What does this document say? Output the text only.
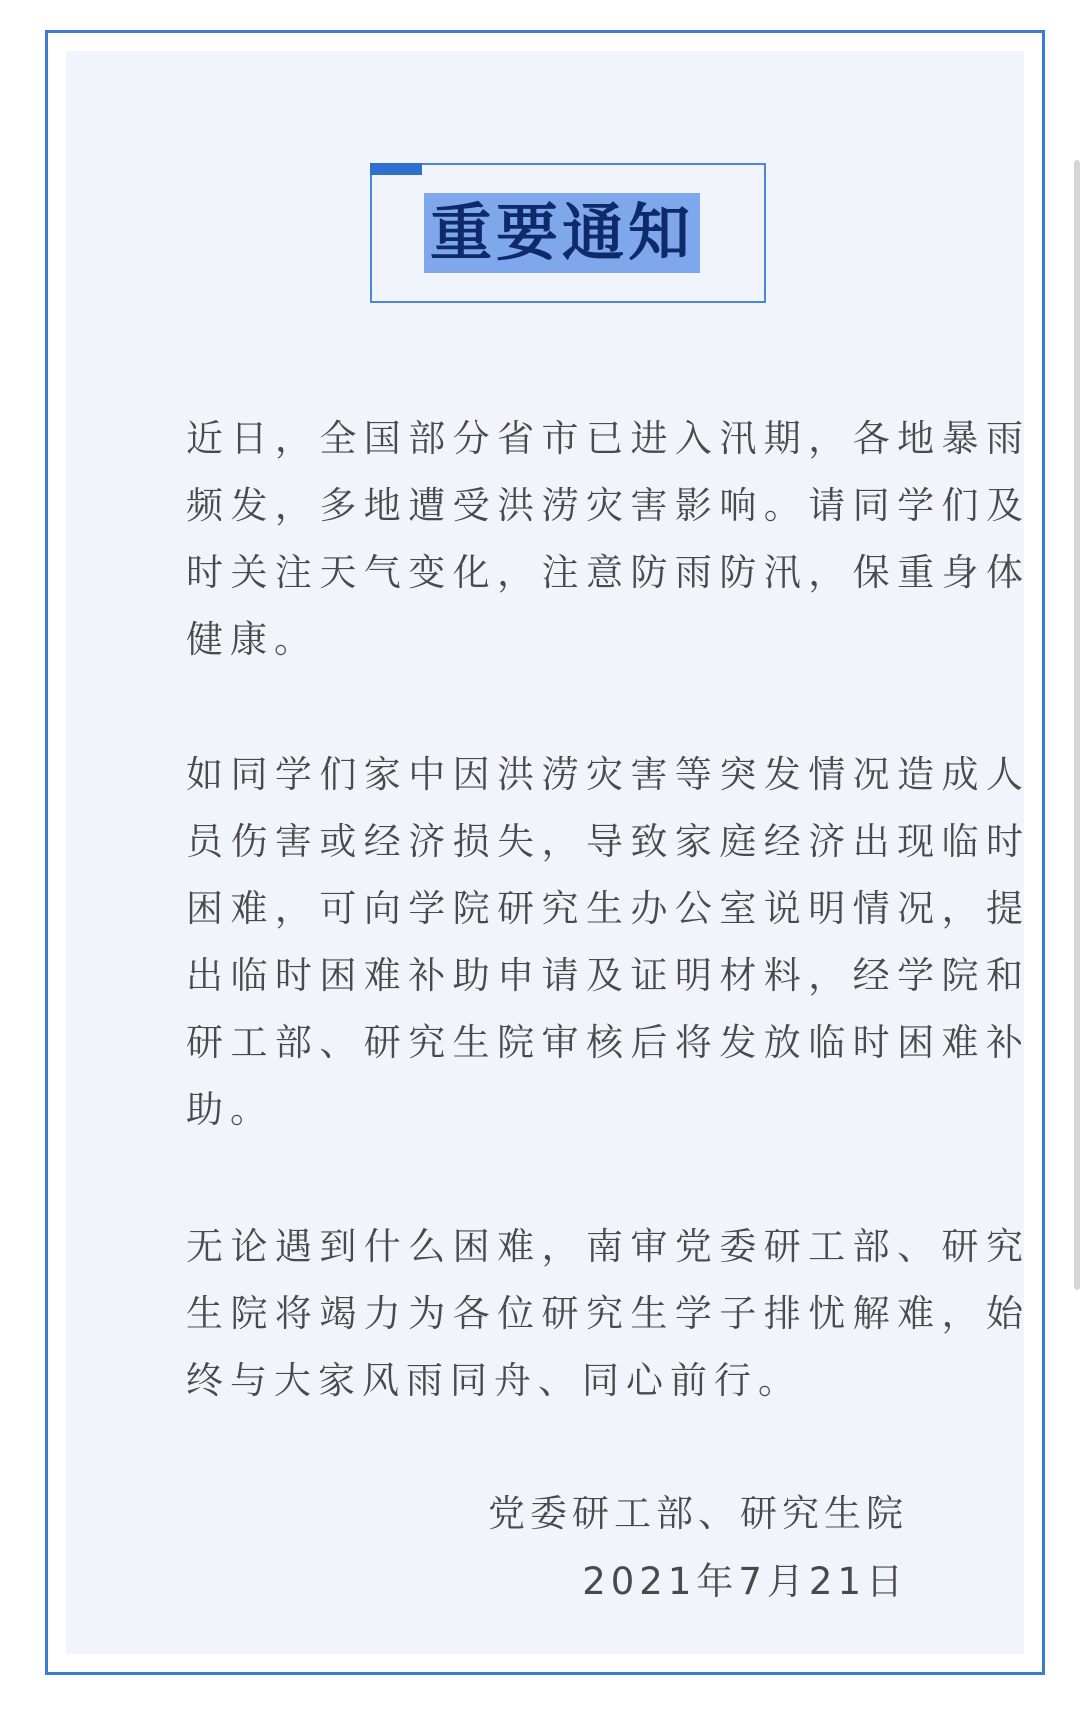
重要通知

近日，全国部分省市已进入汛期，各地暴雨频发，多地遭受洪涝灾害影响。请同学们及时关注天气变化，注意防雨防汛，保重身体健康。

如同学们家中因洪涝灾害等突发情况造成人员伤害或经济损失，导致家庭经济出现临时困难，可向学院研究生办公室说明情况，提出临时困难补助申请及证明材料，经学院和研工部、研究生院审核后将发放临时困难补助。

无论遇到什么困难，南审党委研工部、研究生院将竭力为各位研究生学子排忧解难，始终与大家风雨同舟、同心前行。

党委研工部、研究生院
2021年7月21日
